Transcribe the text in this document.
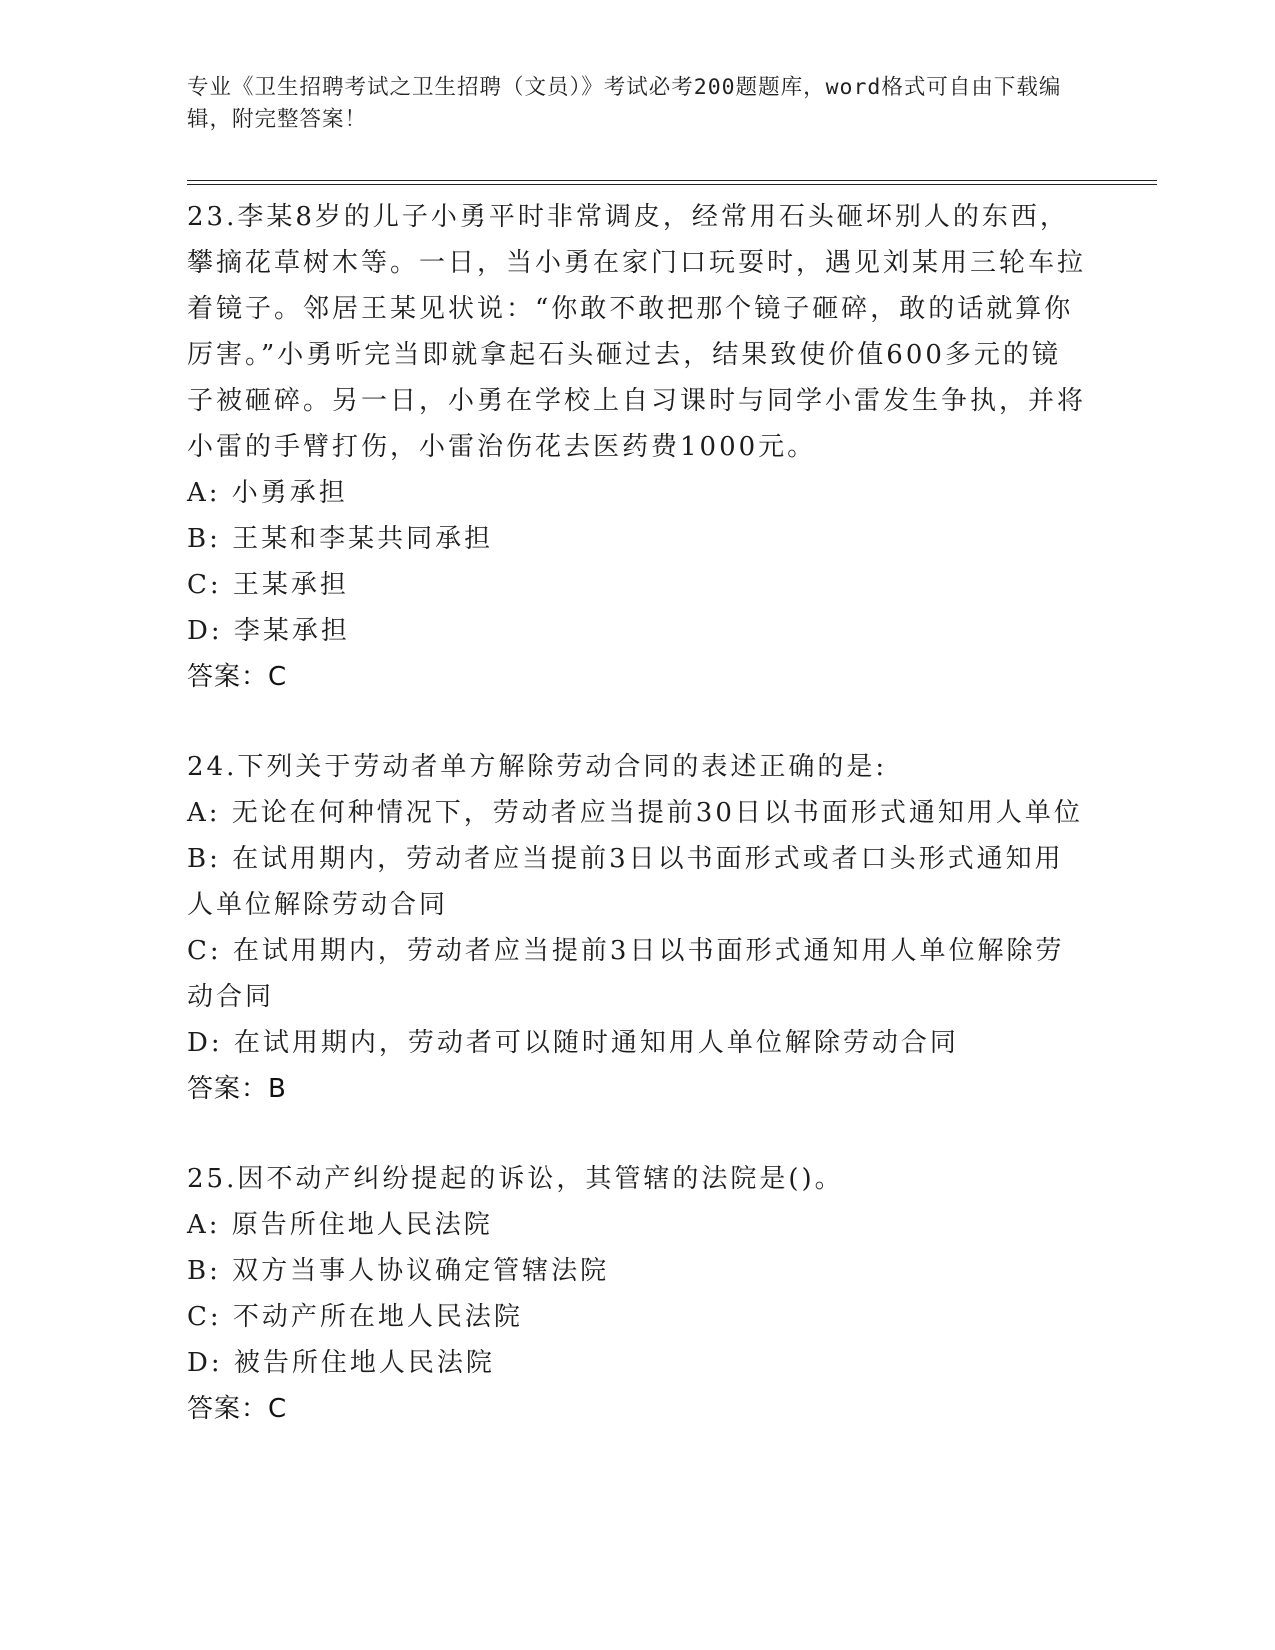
专业《卫生招聘考试之卫生招聘（文员）》考试必考200题题库，word格式可自由下载编辑，附完整答案！
23.李某8岁的儿子小勇平时非常调皮，经常用石头砸坏别人的东西，攀摘花草树木等。一日，当小勇在家门口玩耍时，遇见刘某用三轮车拉着镜子。邻居王某见状说：“你敢不敢把那个镜子砸碎，敢的话就算你厉害。”小勇听完当即就拿起石头砸过去，结果致使价值600多元的镜子被砸碎。另一日，小勇在学校上自习课时与同学小雷发生争执，并将小雷的手臂打伤，小雷治伤花去医药费1000元。
A: 小勇承担
B: 王某和李某共同承担
C: 王某承担
D: 李某承担
答案：C
24.下列关于劳动者单方解除劳动合同的表述正确的是:
A: 无论在何种情况下，劳动者应当提前30日以书面形式通知用人单位
B: 在试用期内，劳动者应当提前3日以书面形式或者口头形式通知用人单位解除劳动合同
C: 在试用期内，劳动者应当提前3日以书面形式通知用人单位解除劳动合同
D: 在试用期内，劳动者可以随时通知用人单位解除劳动合同
答案：B
25.因不动产纠纷提起的诉讼，其管辖的法院是()。
A: 原告所住地人民法院
B: 双方当事人协议确定管辖法院
C: 不动产所在地人民法院
D: 被告所住地人民法院
答案：C
